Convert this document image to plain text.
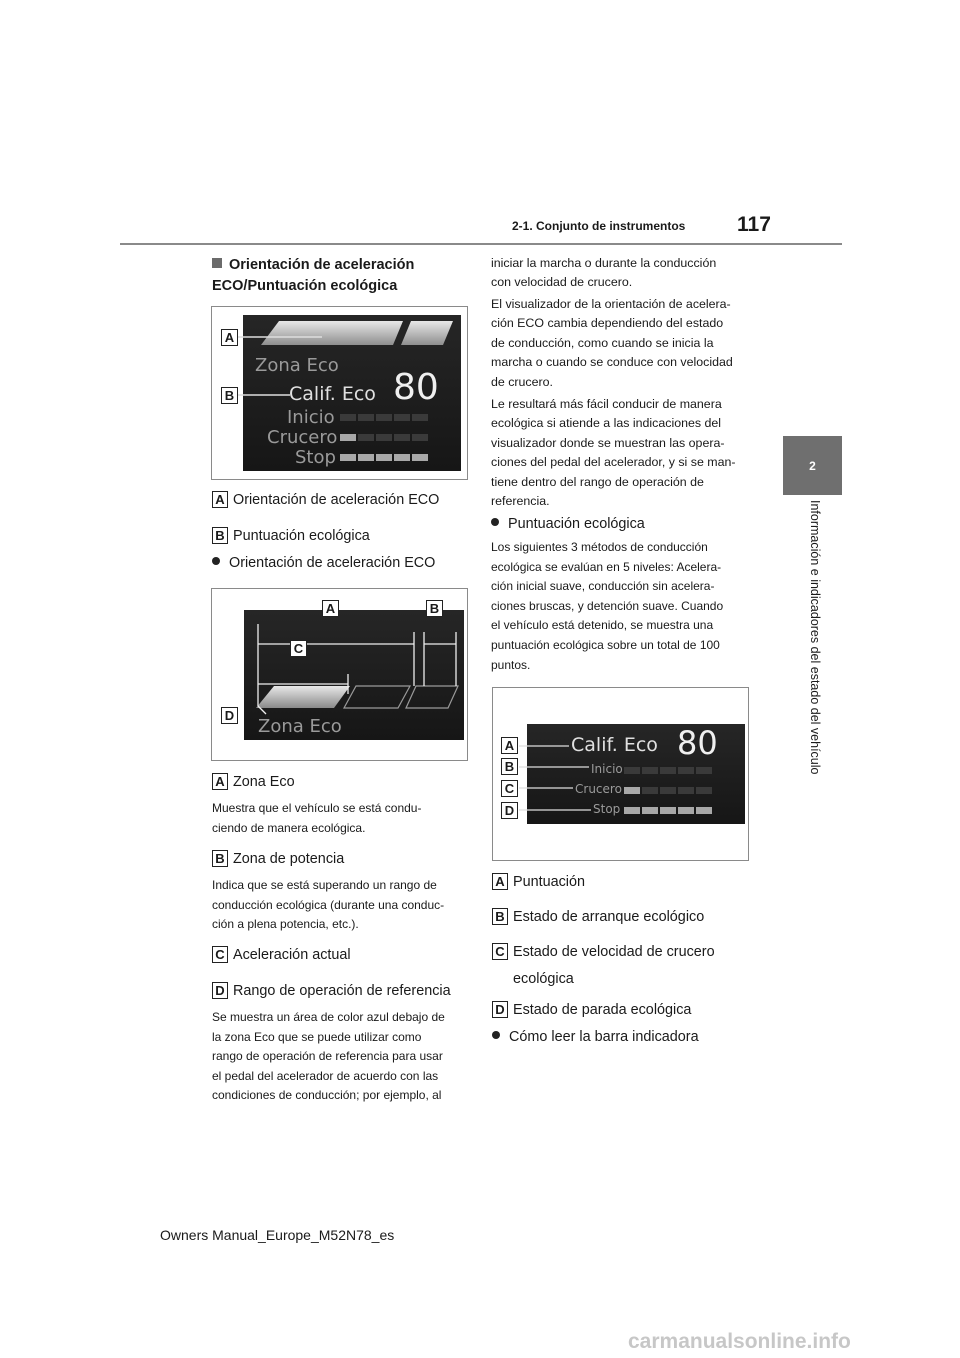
2-1. Conjunto de instrumentos 117
2
Información e indicadores del estado del vehículo
Orientación de aceleración ECO/Puntuación ecológica
Zona Eco
Calif. Eco 80
Inicio
Crucero
Stop
A
B
A Orientación de aceleración ECO
B Puntuación ecológica
Orientación de aceleración ECO
Zona Eco
A	B
C
D
A Zona Eco
Muestra que el vehículo se está condu-
ciendo de manera ecológica.
B Zona de potencia
Indica que se está superando un rango de
conducción ecológica (durante una conduc-
ción a plena potencia, etc.).
C Aceleración actual
D Rango de operación de referencia
Se muestra un área de color azul debajo de
la zona Eco que se puede utilizar como
rango de operación de referencia para usar
el pedal del acelerador de acuerdo con las
condiciones de conducción; por ejemplo, al
iniciar la marcha o durante la conducción
con velocidad de crucero.
El visualizador de la orientación de acelera-
ción ECO cambia dependiendo del estado
de conducción, como cuando se inicia la
marcha o cuando se conduce con velocidad
de crucero.
Le resultará más fácil conducir de manera
ecológica si atiende a las indicaciones del
visualizador donde se muestran las opera-
ciones del pedal del acelerador, y si se man-
tiene dentro del rango de operación de
referencia.
Puntuación ecológica
Los siguientes 3 métodos de conducción
ecológica se evalúan en 5 niveles: Acelera-
ción inicial suave, conducción sin acelera-
ciones bruscas, y detención suave. Cuando
el vehículo está detenido, se muestra una
puntuación ecológica sobre un total de 100
puntos.
Calif. Eco 80
Inicio
Crucero
Stop
A
B
C
D
A Puntuación
B Estado de arranque ecológico
C Estado de velocidad de crucero
ecológica
D Estado de parada ecológica
Cómo leer la barra indicadora
Owners Manual_Europe_M52N78_es
carmanualsonline.info
